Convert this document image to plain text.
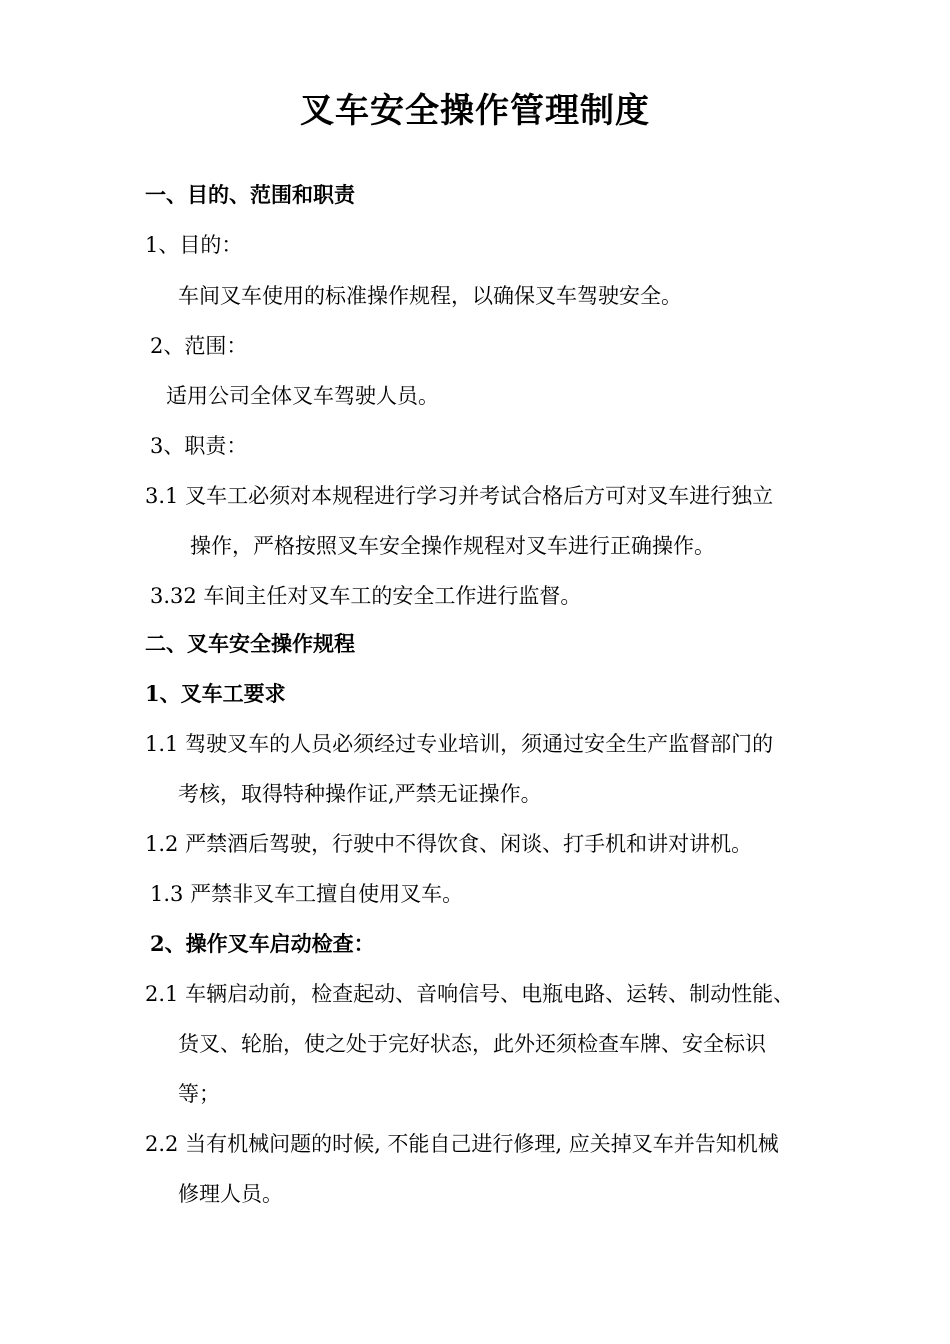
叉车安全操作管理制度
一、目的、范围和职责
1、目的：
车间叉车使用的标准操作规程，以确保叉车驾驶安全。
2、范围：
适用公司全体叉车驾驶人员。
3、职责：
3.1 叉车工必须对本规程进行学习并考试合格后方可对叉车进行独立
操作，严格按照叉车安全操作规程对叉车进行正确操作。
3.32 车间主任对叉车工的安全工作进行监督。
二、叉车安全操作规程
1、叉车工要求
1.1 驾驶叉车的人员必须经过专业培训，须通过安全生产监督部门的
考核，取得特种操作证,严禁无证操作。
1.2 严禁酒后驾驶，行驶中不得饮食、闲谈、打手机和讲对讲机。
1.3 严禁非叉车工擅自使用叉车。
2、操作叉车启动检查：
2.1 车辆启动前，检查起动、音响信号、电瓶电路、运转、制动性能、
货叉、轮胎，使之处于完好状态，此外还须检查车牌、安全标识
等；
2.2 当有机械问题的时候, 不能自己进行修理, 应关掉叉车并告知机械
修理人员。
